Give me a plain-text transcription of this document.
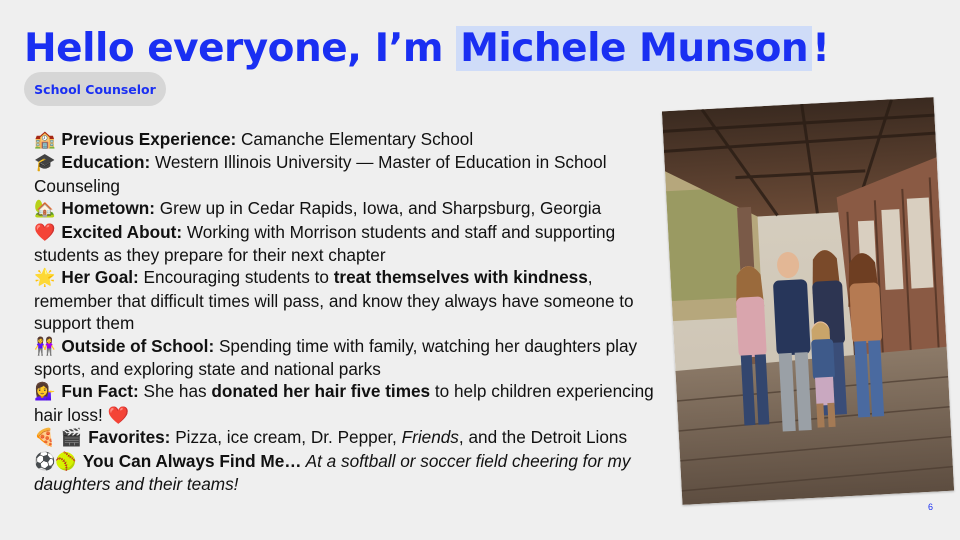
Hello everyone, I’m Michele Munson !
School Counselor

🏫 Previous Experience: Camanche Elementary School

🎓 Education: Western Illinois University — Master of Education in School Counseling

🏡 Hometown: Grew up in Cedar Rapids, Iowa, and Sharpsburg, Georgia

❤️ Excited About: Working with Morrison students and staff and supporting students as they prepare for their next chapter

🌟 Her Goal: Encouraging students to treat themselves with kindness, remember that difficult times will pass, and know they always have someone to support them

👭 Outside of School: Spending time with family, watching her daughters play sports, and exploring state and national parks

💁‍♀️ Fun Fact: She has donated her hair five times to help children experiencing hair loss! ❤️

🍕 🎬 Favorites: Pizza, ice cream, Dr. Pepper, Friends, and the Detroit Lions

⚽🥎 You Can Always Find Me… At a softball or soccer field cheering for my daughters and their teams!

6
